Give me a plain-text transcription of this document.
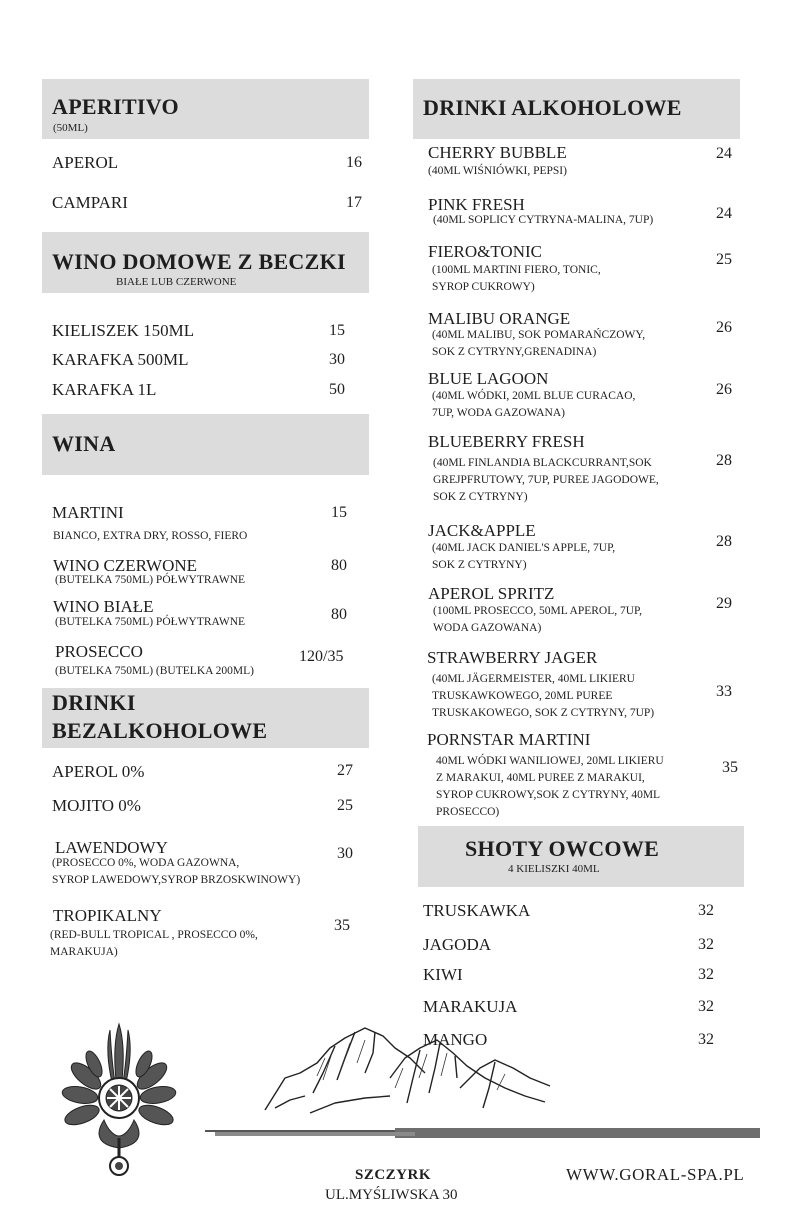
APERITIVO
(50ML)
APEROL	16
CAMPARI	17
WINO DOMOWE Z BECZKI
BIAŁE LUB CZERWONE
KIELISZEK 150ML	15
KARAFKA 500ML	30
KARAFKA 1L	50
WINA
MARTINI
BIANCO, EXTRA DRY, ROSSO, FIERO
15
WINO CZERWONE
(BUTELKA 750ML) PÓŁWYTRAWNE
80
WINO BIAŁE
(BUTELKA 750ML) PÓŁWYTRAWNE	80
PROSECCO
(BUTELKA 750ML) (BUTELKA 200ML)
120/35
DRINKI
BEZALKOHOLOWE
APEROL 0%	27
MOJITO 0%	25
LAWENDOWY
(PROSECCO 0%, WODA GAZOWNA,
SYROP LAWEDOWY,SYROP BRZOSKWINOWY)
30
TROPIKALNY
(RED-BULL TROPICAL , PROSECCO 0%,
MARAKUJA)
35
DRINKI ALKOHOLOWE
CHERRY BUBBLE
(40ML WIŚNIÓWKI, PEPSI)
24
PINK FRESH
(40ML SOPLICY CYTRYNA-MALINA, 7UP)	24
FIERO&TONIC
(100ML MARTINI FIERO, TONIC,
SYROP CUKROWY)
25
MALIBU ORANGE
(40ML MALIBU, SOK POMARAŃCZOWY,
SOK Z CYTRYNY,GRENADINA)
26
BLUE LAGOON
(40ML WÓDKI, 20ML BLUE CURACAO,
7UP, WODA GAZOWANA)
26
BLUEBERRY FRESH
(40ML FINLANDIA BLACKCURRANT,SOK
GREJPFRUTOWY, 7UP, PUREE JAGODOWE,
SOK Z CYTRYNY)
28
JACK&APPLE
(40ML JACK DANIEL'S APPLE, 7UP,
SOK Z CYTRYNY)
28
APEROL SPRITZ
(100ML PROSECCO, 50ML APEROL, 7UP,
WODA GAZOWANA)
29
STRAWBERRY JAGER
(40ML JÄGERMEISTER, 40ML LIKIERU
TRUSKAWKOWEGO, 20ML PUREE
TRUSKAKOWEGO, SOK Z CYTRYNY, 7UP)
33
PORNSTAR MARTINI
40ML WÓDKI WANILIOWEJ, 20ML LIKIERU
Z MARAKUI, 40ML PUREE Z MARAKUI,
SYROP CUKROWY,SOK Z CYTRYNY, 40ML
PROSECCO)
35
SHOTY OWCOWE
4 KIELISZKI 40ML
TRUSKAWKA	32
JAGODA	32
KIWI	32
MARAKUJA	32
MANGO	32
SZCZYRK
UL.MYŚLIWSKA 30
WWW.GORAL-SPA.PL
